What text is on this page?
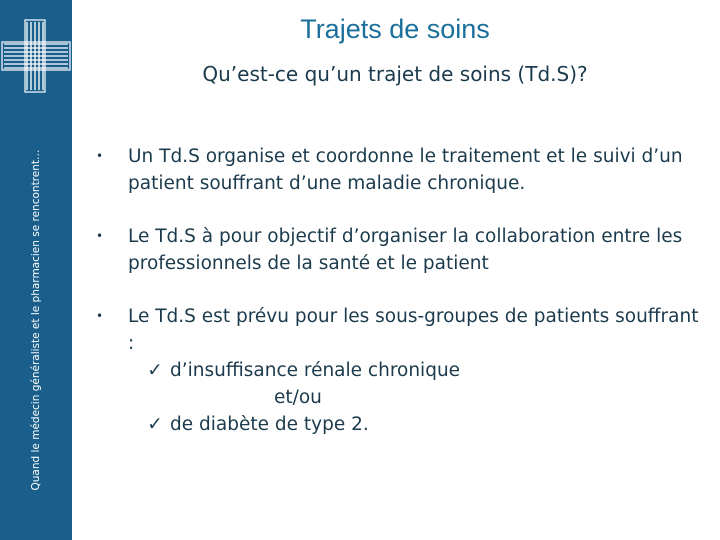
Quand le médecin généraliste et le pharmacien se rencontrent…
Trajets de soins
Qu’est-ce qu’un trajet de soins (Td.S)?
•	Un Td.S organise et coordonne le traitement et le suivi d’un patient souffrant d’une maladie chronique.
•	Le Td.S à pour objectif d’organiser la collaboration entre les professionnels de la santé et le patient
•	Le Td.S est prévu pour les sous-groupes de patients souffrant :
✓ d’insuffisance rénale chronique
et/ou
✓ de diabète de type 2.
